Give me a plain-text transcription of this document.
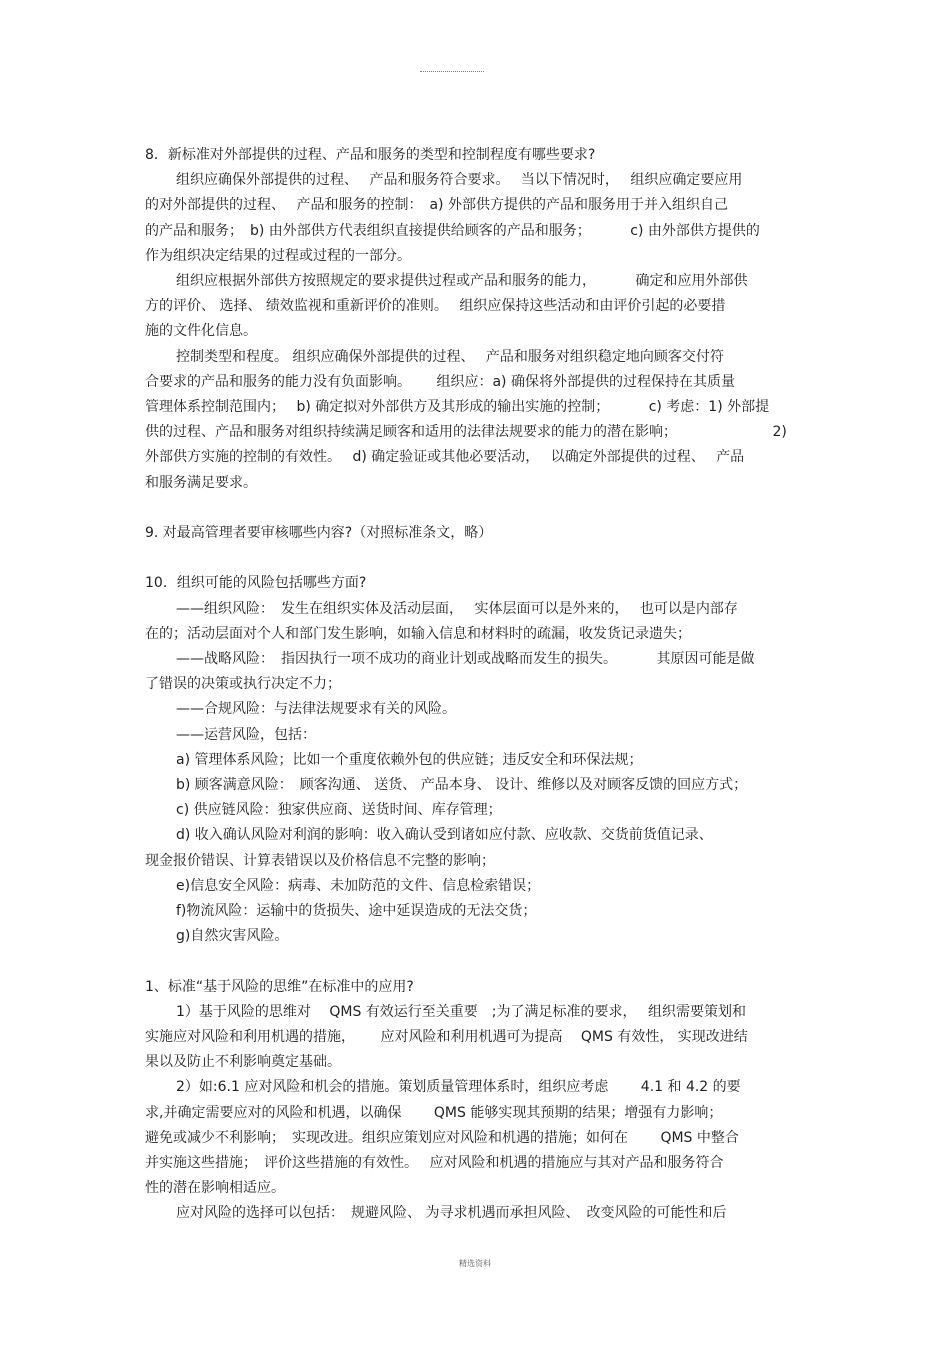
8．新标准对外部提供的过程、产品和服务的类型和控制程度有哪些要求?

组织应确保外部提供的过程、　 产品和服务符合要求。　 当以下情况时，　 组织应确定要应用

的对外部提供的过程、　 产品和服务的控制：　a) 外部供方提供的产品和服务用于并入组织自己

的产品和服务；　b) 由外部供方代表组织直接提供给顾客的产品和服务；　　　 c) 由外部供方提供的

作为组织决定结果的过程或过程的一部分。

组织应根据外部供方按照规定的要求提供过程或产品和服务的能力，　　　 确定和应用外部供

方的评价、 选择、 绩效监视和重新评价的准则。　 组织应保持这些活动和由评价引起的必要措

施的文件化信息。

控制类型和程度。 组织应确保外部提供的过程、　 产品和服务对组织稳定地向顾客交付符

合要求的产品和服务的能力没有负面影响。　　 组织应：a) 确保将外部提供的过程保持在其质量

管理体系控制范围内；　 b) 确定拟对外部供方及其形成的输出实施的控制；　　　 c) 考虑：1) 外部提

供的过程、产品和服务对组织持续满足顾客和适用的法律法规要求的能力的潜在影响；　　　　　　　 2)

外部供方实施的控制的有效性。　 d) 确定验证或其他必要活动，　 以确定外部提供的过程、　 产品

和服务满足要求。

9. 对最高管理者要审核哪些内容?（对照标准条文，略）

10．组织可能的风险包括哪些方面?

——组织风险：　发生在组织实体及活动层面，　 实体层面可以是外来的，　 也可以是内部存

在的；活动层面对个人和部门发生影响，如输入信息和材料时的疏漏，收发货记录遗失；

——战略风险：　指因执行一项不成功的商业计划或战略而发生的损失。　　　 其原因可能是做

了错误的决策或执行决定不力；

——合规风险：与法律法规要求有关的风险。

——运营风险，包括：

a) 管理体系风险；比如一个重度依赖外包的供应链；违反安全和环保法规；

b) 顾客满意风险：　顾客沟通、 送货、 产品本身、 设计、维修以及对顾客反馈的回应方式；

c) 供应链风险：独家供应商、送货时间、库存管理；

d) 收入确认风险对利润的影响：收入确认受到诸如应付款、应收款、交货前货值记录、

现金报价错误、计算表错误以及价格信息不完整的影响；

e)信息安全风险：病毒、未加防范的文件、信息检索错误；

f)物流风险：运输中的货损失、途中延误造成的无法交货；

g)自然灾害风险。

1、标准“基于风险的思维”在标准中的应用?

1）基于风险的思维对　 QMS 有效运行至关重要　;为了满足标准的要求，　 组织需要策划和

实施应对风险和利用机遇的措施，　　 应对风险和利用机遇可为提高　 QMS 有效性， 实现改进结

果以及防止不利影响奠定基础。

2）如:6.1 应对风险和机会的措施。策划质量管理体系时，组织应考虑　　 4.1 和 4.2 的要

求,并确定需要应对的风险和机遇，以确保　　 QMS 能够实现其预期的结果；增强有力影响；

避免或减少不利影响；　实现改进。组织应策划应对风险和机遇的措施；如何在　　 QMS 中整合

并实施这些措施；　评价这些措施的有效性。　 应对风险和机遇的措施应与其对产品和服务符合

性的潜在影响相适应。

应对风险的选择可以包括：　规避风险、 为寻求机遇而承担风险、　改变风险的可能性和后

精选资料
